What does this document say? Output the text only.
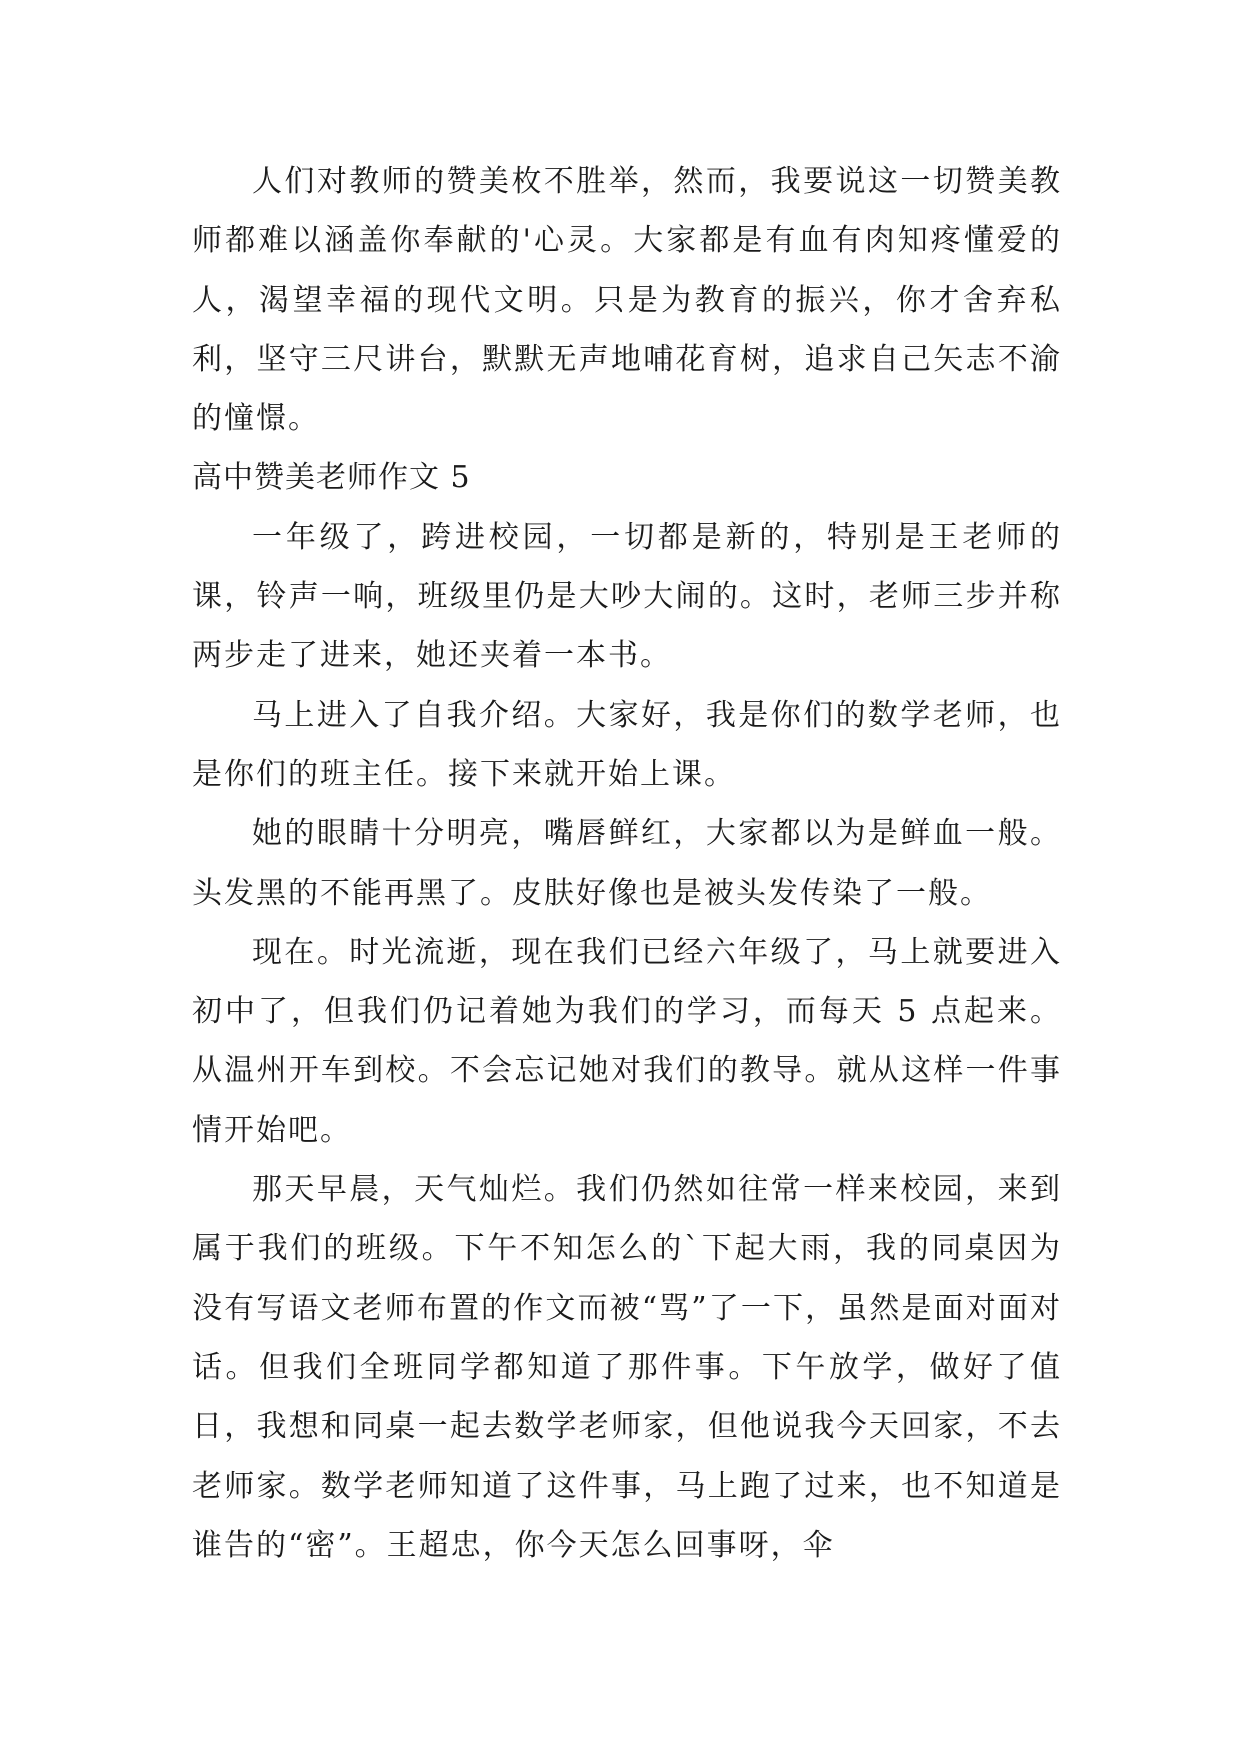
人们对教师的赞美枚不胜举，然而，我要说这一切赞美教师都难以涵盖你奉献的'心灵。大家都是有血有肉知疼懂爱的人，渴望幸福的现代文明。只是为教育的振兴，你才舍弃私利，坚守三尺讲台，默默无声地哺花育树，追求自己矢志不渝的憧憬。

高中赞美老师作文 5

一年级了，跨进校园，一切都是新的，特别是王老师的课，铃声一响，班级里仍是大吵大闹的。这时，老师三步并称两步走了进来，她还夹着一本书。

马上进入了自我介绍。大家好，我是你们的数学老师，也是你们的班主任。接下来就开始上课。

她的眼睛十分明亮，嘴唇鲜红，大家都以为是鲜血一般。头发黑的不能再黑了。皮肤好像也是被头发传染了一般。

现在。时光流逝，现在我们已经六年级了，马上就要进入初中了，但我们仍记着她为我们的学习，而每天 5 点起来。从温州开车到校。不会忘记她对我们的教导。就从这样一件事情开始吧。

那天早晨，天气灿烂。我们仍然如往常一样来校园，来到属于我们的班级。下午不知怎么的`下起大雨，我的同桌因为没有写语文老师布置的作文而被“骂”了一下，虽然是面对面对话。但我们全班同学都知道了那件事。下午放学，做好了值日，我想和同桌一起去数学老师家，但他说我今天回家，不去老师家。数学老师知道了这件事，马上跑了过来，也不知道是谁告的“密”。王超忠，你今天怎么回事呀，伞
